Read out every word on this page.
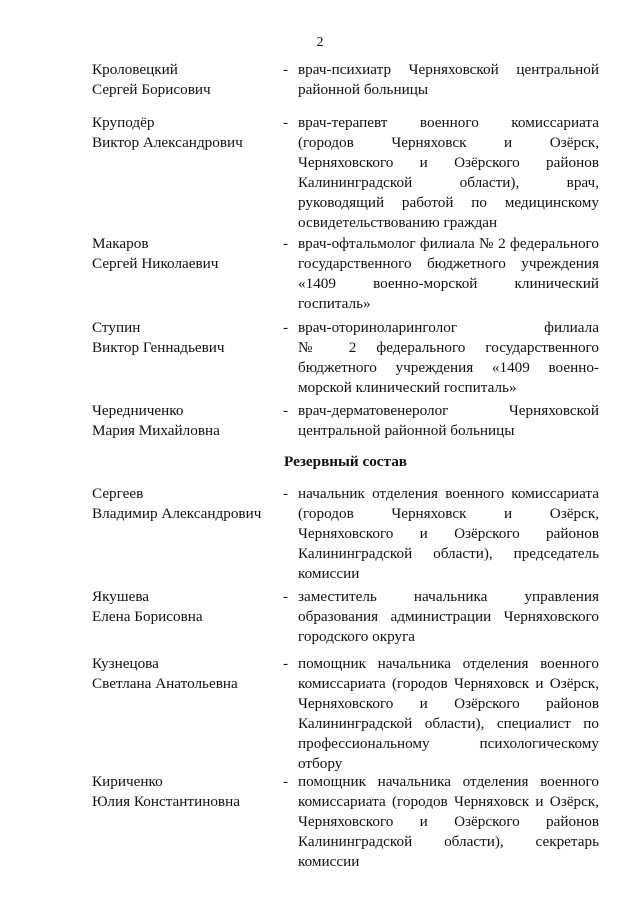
2
Кроловецкий
Сергей Борисович
- врач-психиатр Черняховской центральной
районной больницы
Круподёр
Виктор Александрович
- врач-терапевт военного комиссариата
(городов Черняховск и Озёрск,
Черняховского и Озёрского районов
Калининградской области), врач,
руководящий работой по медицинскому
освидетельствованию граждан
Макаров
Сергей Николаевич
- врач-офтальмолог филиала № 2 федерального
государственного бюджетного учреждения
«1409 военно-морской клинический
госпиталь»
Ступин
Виктор Геннадьевич
- врач-оториноларинголог филиала
№ 2 федерального государственного
бюджетного учреждения «1409 военно-
морской клинический госпиталь»
Чередниченко
Мария Михайловна
- врач-дерматовенеролог Черняховской
центральной районной больницы
Резервный состав
Сергеев
Владимир Александрович
- начальник отделения военного комиссариата
(городов Черняховск и Озёрск,
Черняховского и Озёрского районов
Калининградской области), председатель
комиссии
Якушева
Елена Борисовна
- заместитель начальника управления
образования администрации Черняховского
городского округа
Кузнецова
Светлана Анатольевна
- помощник начальника отделения военного
комиссариата (городов Черняховск и Озёрск,
Черняховского и Озёрского районов
Калининградской области), специалист по
профессиональному психологическому
отбору
Кириченко
Юлия Константиновна
- помощник начальника отделения военного
комиссариата (городов Черняховск и Озёрск,
Черняховского и Озёрского районов
Калининградской области), секретарь комиссии
